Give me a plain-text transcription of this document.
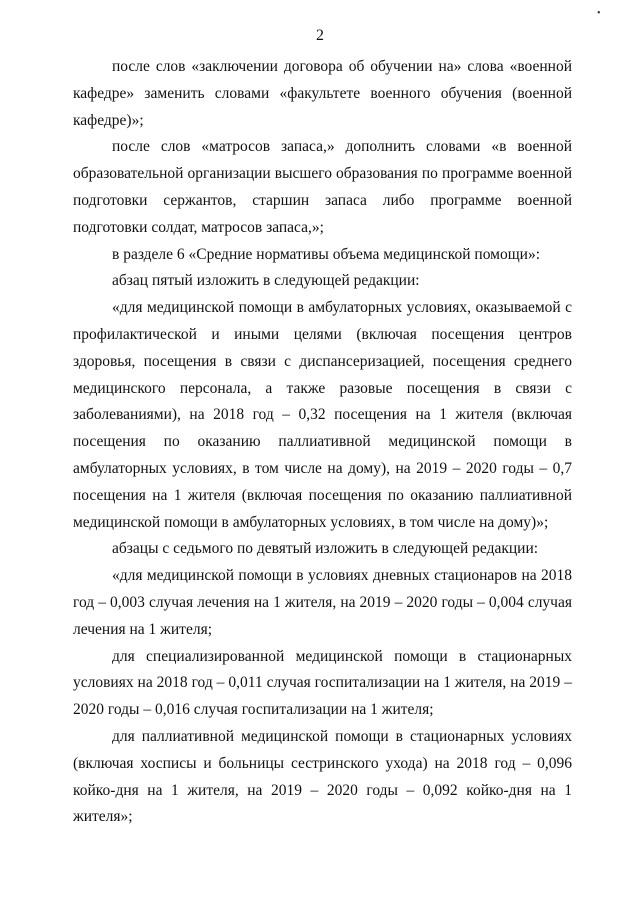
2
•

после слов «заключении договора об обучении на» слова «военной кафедре» заменить словами «факультете военного обучения (военной кафедре)»;

после слов «матросов запаса,» дополнить словами «в военной образовательной организации высшего образования по программе военной подготовки сержантов, старшин запаса либо программе военной подготовки солдат, матросов запаса,»;

в разделе 6 «Средние нормативы объема медицинской помощи»:

абзац пятый изложить в следующей редакции:

«для медицинской помощи в амбулаторных условиях, оказываемой с профилактической и иными целями (включая посещения центров здоровья, посещения в связи с диспансеризацией, посещения среднего медицинского персонала, а также разовые посещения в связи с заболеваниями), на 2018 год – 0,32 посещения на 1 жителя (включая посещения по оказанию паллиативной медицинской помощи в амбулаторных условиях, в том числе на дому), на 2019 – 2020 годы – 0,7 посещения на 1 жителя (включая посещения по оказанию паллиативной медицинской помощи в амбулаторных условиях, в том числе на дому)»;

абзацы с седьмого по девятый изложить в следующей редакции:

«для медицинской помощи в условиях дневных стационаров на 2018 год – 0,003 случая лечения на 1 жителя, на 2019 – 2020 годы – 0,004 случая лечения на 1 жителя;

для специализированной медицинской помощи в стационарных условиях на 2018 год – 0,011 случая госпитализации на 1 жителя, на 2019 – 2020 годы – 0,016 случая госпитализации на 1 жителя;

для паллиативной медицинской помощи в стационарных условиях (включая хосписы и больницы сестринского ухода) на 2018 год – 0,096 койко-дня на 1 жителя, на 2019 – 2020 годы – 0,092 койко-дня на 1 жителя»;
